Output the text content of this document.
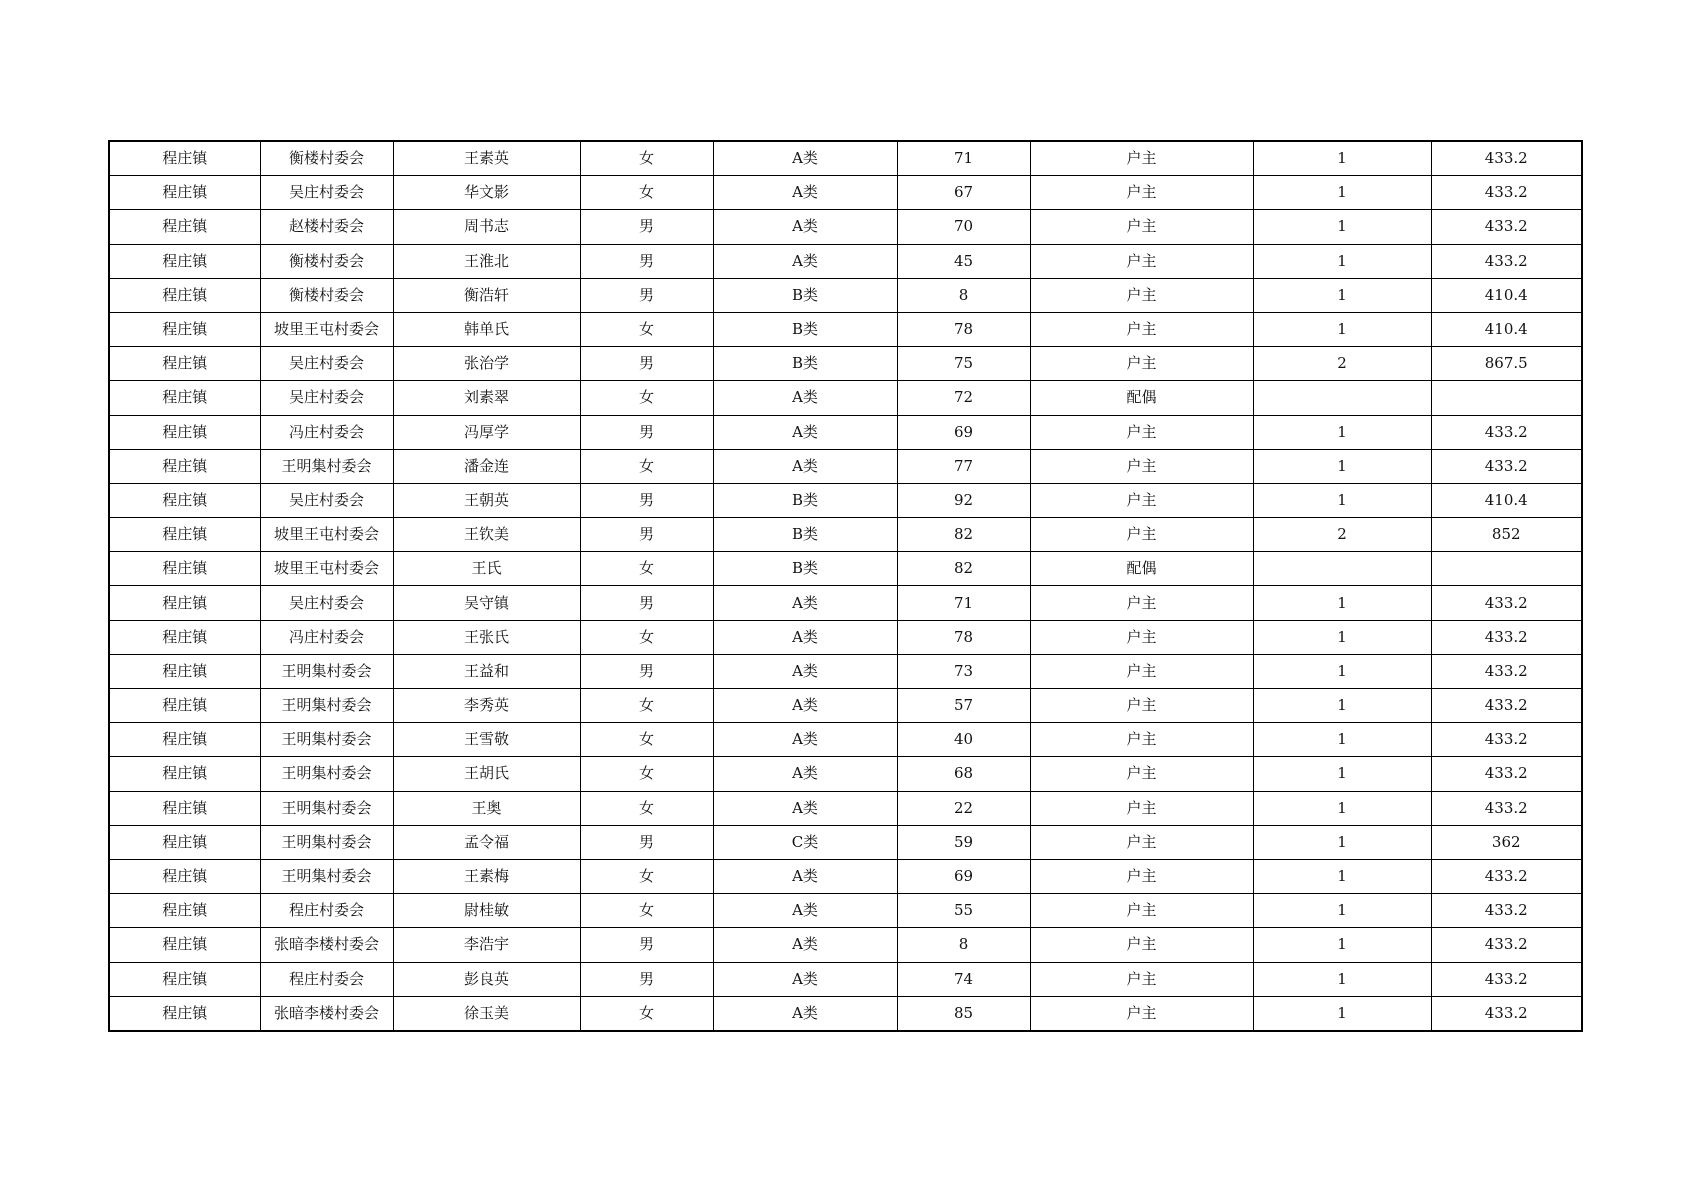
程庄镇	衡楼村委会	王素英	女	A类	71	户主	1	433.2
程庄镇	吴庄村委会	华文影	女	A类	67	户主	1	433.2
程庄镇	赵楼村委会	周书志	男	A类	70	户主	1	433.2
程庄镇	衡楼村委会	王淮北	男	A类	45	户主	1	433.2
程庄镇	衡楼村委会	衡浩轩	男	B类	8	户主	1	410.4
程庄镇	坡里王屯村委会	韩单氏	女	B类	78	户主	1	410.4
程庄镇	吴庄村委会	张治学	男	B类	75	户主	2	867.5
程庄镇	吴庄村委会	刘素翠	女	A类	72	配偶		
程庄镇	冯庄村委会	冯厚学	男	A类	69	户主	1	433.2
程庄镇	王明集村委会	潘金连	女	A类	77	户主	1	433.2
程庄镇	吴庄村委会	王朝英	男	B类	92	户主	1	410.4
程庄镇	坡里王屯村委会	王钦美	男	B类	82	户主	2	852
程庄镇	坡里王屯村委会	王氏	女	B类	82	配偶		
程庄镇	吴庄村委会	吴守镇	男	A类	71	户主	1	433.2
程庄镇	冯庄村委会	王张氏	女	A类	78	户主	1	433.2
程庄镇	王明集村委会	王益和	男	A类	73	户主	1	433.2
程庄镇	王明集村委会	李秀英	女	A类	57	户主	1	433.2
程庄镇	王明集村委会	王雪敬	女	A类	40	户主	1	433.2
程庄镇	王明集村委会	王胡氏	女	A类	68	户主	1	433.2
程庄镇	王明集村委会	王奥	女	A类	22	户主	1	433.2
程庄镇	王明集村委会	孟令福	男	C类	59	户主	1	362
程庄镇	王明集村委会	王素梅	女	A类	69	户主	1	433.2
程庄镇	程庄村委会	尉桂敏	女	A类	55	户主	1	433.2
程庄镇	张暗李楼村委会	李浩宇	男	A类	8	户主	1	433.2
程庄镇	程庄村委会	彭良英	男	A类	74	户主	1	433.2
程庄镇	张暗李楼村委会	徐玉美	女	A类	85	户主	1	433.2
